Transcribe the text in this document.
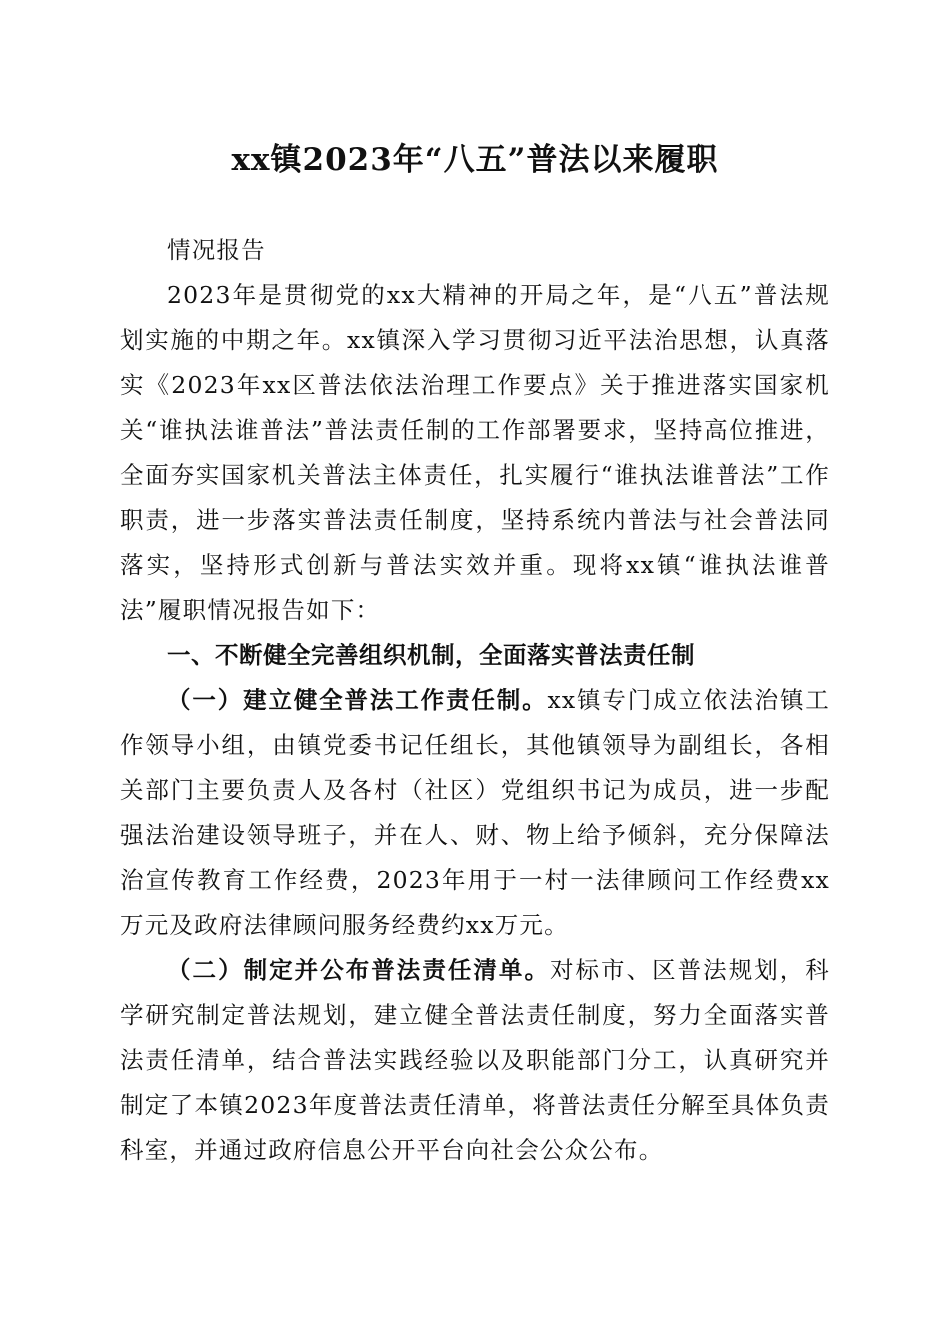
xx镇2023年“八五”普法以来履职

情况报告

2023年是贯彻党的xx大精神的开局之年，是“八五”普法规划实施的中期之年。xx镇深入学习贯彻习近平法治思想，认真落实《2023年xx区普法依法治理工作要点》关于推进落实国家机关“谁执法谁普法”普法责任制的工作部署要求，坚持高位推进，全面夯实国家机关普法主体责任，扎实履行“谁执法谁普法”工作职责，进一步落实普法责任制度，坚持系统内普法与社会普法同落实，坚持形式创新与普法实效并重。现将xx镇“谁执法谁普法”履职情况报告如下：

一、不断健全完善组织机制，全面落实普法责任制

（一）建立健全普法工作责任制。xx镇专门成立依法治镇工作领导小组，由镇党委书记任组长，其他镇领导为副组长，各相关部门主要负责人及各村（社区）党组织书记为成员，进一步配强法治建设领导班子，并在人、财、物上给予倾斜，充分保障法治宣传教育工作经费，2023年用于一村一法律顾问工作经费xx万元及政府法律顾问服务经费约xx万元。

（二）制定并公布普法责任清单。对标市、区普法规划，科学研究制定普法规划，建立健全普法责任制度，努力全面落实普法责任清单，结合普法实践经验以及职能部门分工，认真研究并制定了本镇2023年度普法责任清单，将普法责任分解至具体负责科室，并通过政府信息公开平台向社会公众公布。
